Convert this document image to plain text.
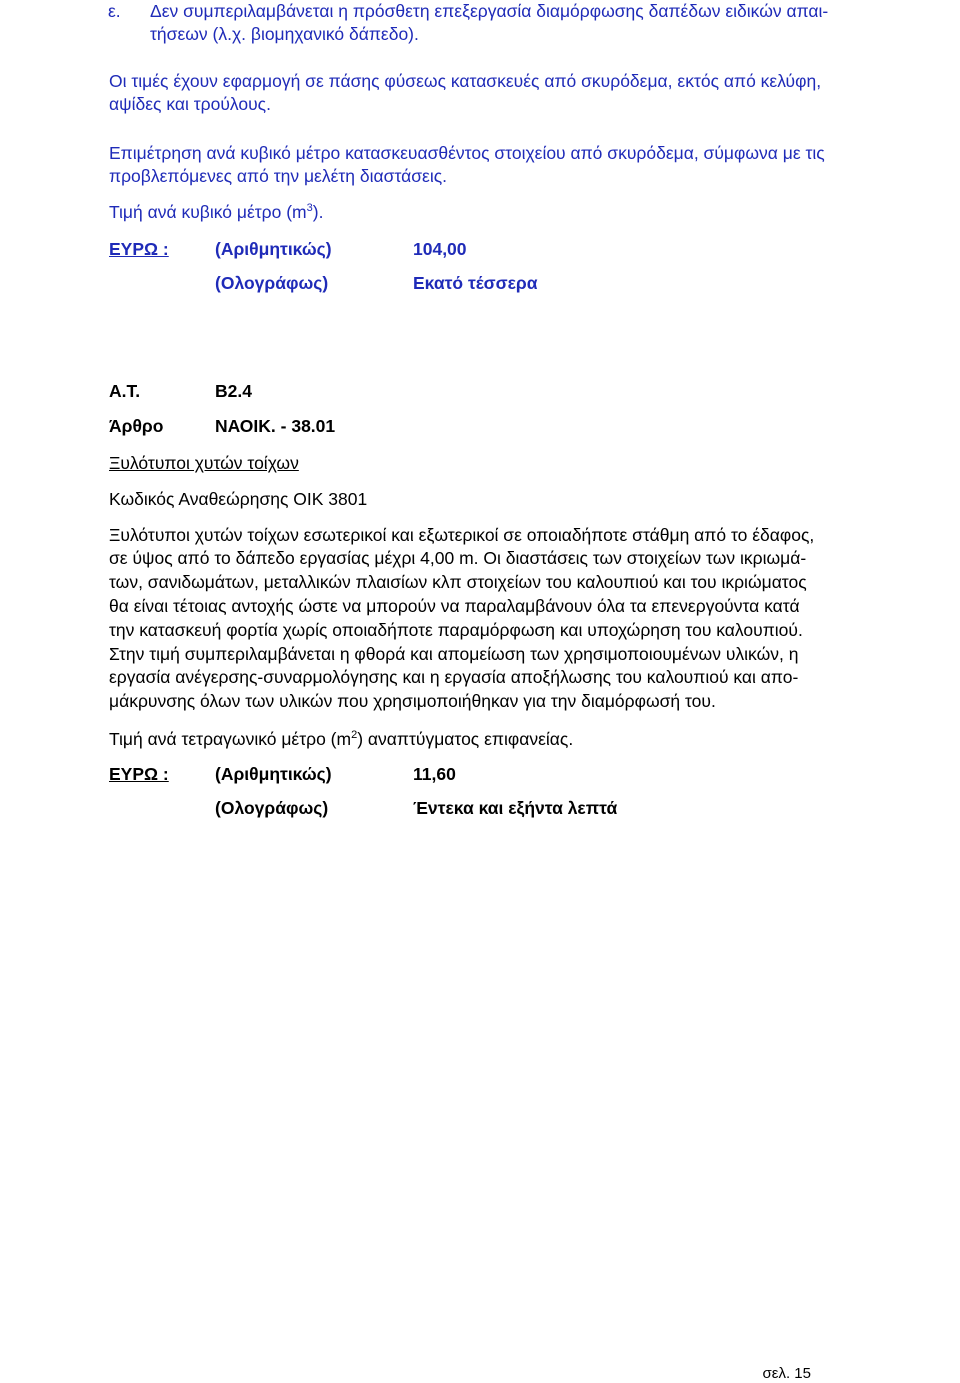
ε. Δεν συμπεριλαμβάνεται η πρόσθετη επεξεργασία διαμόρφωσης δαπέδων ειδικών απαι-
τήσεων (λ.χ. βιομηχανικό δάπεδο).
Οι τιμές έχουν εφαρμογή σε πάσης φύσεως κατασκευές από σκυρόδεμα, εκτός από κελύφη,
αψίδες και τρούλους.
Επιμέτρηση ανά κυβικό μέτρο κατασκευασθέντος στοιχείου από σκυρόδεμα, σύμφωνα με τις
προβλεπόμενες από την μελέτη διαστάσεις.
Τιμή ανά κυβικό μέτρο $(m^3)$.
ΕΥΡΩ :	(Αριθμητικώς)	104,00
(Ολογράφως)	Εκατό τέσσερα
Α.Τ.	Β2.4
Άρθρο	ΝΑΟΙΚ. - 38.01
Ξυλότυποι χυτών τοίχων
Κωδικός Αναθεώρησης ΟΙΚ 3801
Ξυλότυποι χυτών τοίχων εσωτερικοί και εξωτερικοί σε οποιαδήποτε στάθμη από το έδαφος,
σε ύψος από το δάπεδο εργασίας μέχρι 4,00 m. Οι διαστάσεις των στοιχείων των ικριωμά-
των, σανιδωμάτων, μεταλλικών πλαισίων κλπ στοιχείων του καλουπιού και του ικριώματος
θα είναι τέτοιας αντοχής ώστε να μπορούν να παραλαμβάνουν όλα τα επενεργούντα κατά
την κατασκευή φορτία χωρίς οποιαδήποτε παραμόρφωση και υποχώρηση του καλουπιού.
Στην τιμή συμπεριλαμβάνεται η φθορά και απομείωση των χρησιμοποιουμένων υλικών, η
εργασία ανέγερσης-συναρμολόγησης και η εργασία αποξήλωσης του καλουπιού και απο-
μάκρυνσης όλων των υλικών που χρησιμοποιήθηκαν για την διαμόρφωσή του.
Τιμή ανά τετραγωνικό μέτρο $(m^2)$ αναπτύγματος επιφανείας.
ΕΥΡΩ :	(Αριθμητικώς)	11,60
(Ολογράφως)	Έντεκα και εξήντα λεπτά
σελ. 15
